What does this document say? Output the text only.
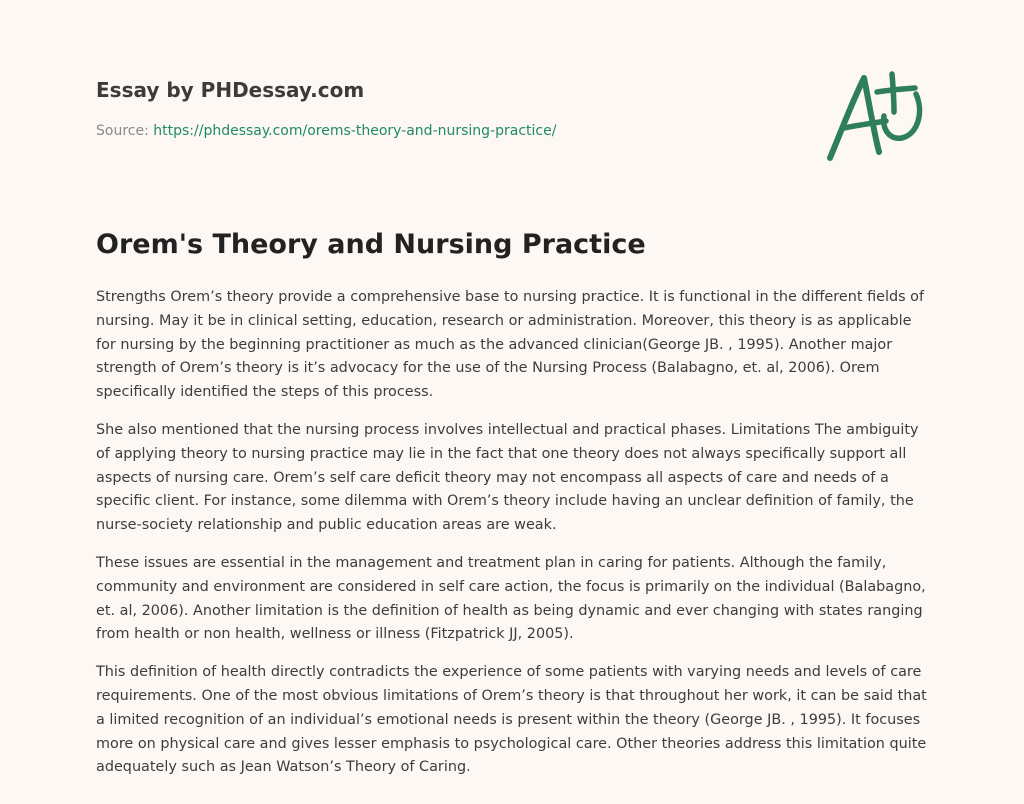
Essay by PHDessay.com

Source: https://phdessay.com/orems-theory-and-nursing-practice/
Orem's Theory and Nursing Practice

Strengths Orem’s theory provide a comprehensive base to nursing practice. It is functional in the different fields of nursing. May it be in clinical setting, education, research or administration. Moreover, this theory is as applicable for nursing by the beginning practitioner as much as the advanced clinician(George JB. , 1995). Another major strength of Orem’s theory is it’s advocacy for the use of the Nursing Process (Balabagno, et. al, 2006). Orem specifically identified the steps of this process.

She also mentioned that the nursing process involves intellectual and practical phases. Limitations The ambiguity of applying theory to nursing practice may lie in the fact that one theory does not always specifically support all aspects of nursing care. Orem’s self care deficit theory may not encompass all aspects of care and needs of a specific client. For instance, some dilemma with Orem’s theory include having an unclear definition of family, the nurse-society relationship and public education areas are weak.

These issues are essential in the management and treatment plan in caring for patients. Although the family, community and environment are considered in self care action, the focus is primarily on the individual (Balabagno, et. al, 2006). Another limitation is the definition of health as being dynamic and ever changing with states ranging from health or non health, wellness or illness (Fitzpatrick JJ, 2005).

This definition of health directly contradicts the experience of some patients with varying needs and levels of care requirements. One of the most obvious limitations of Orem’s theory is that throughout her work, it can be said that a limited recognition of an individual’s emotional needs is present within the theory (George JB. , 1995). It focuses more on physical care and gives lesser emphasis to psychological care. Other theories address this limitation quite adequately such as Jean Watson’s Theory of Caring.
